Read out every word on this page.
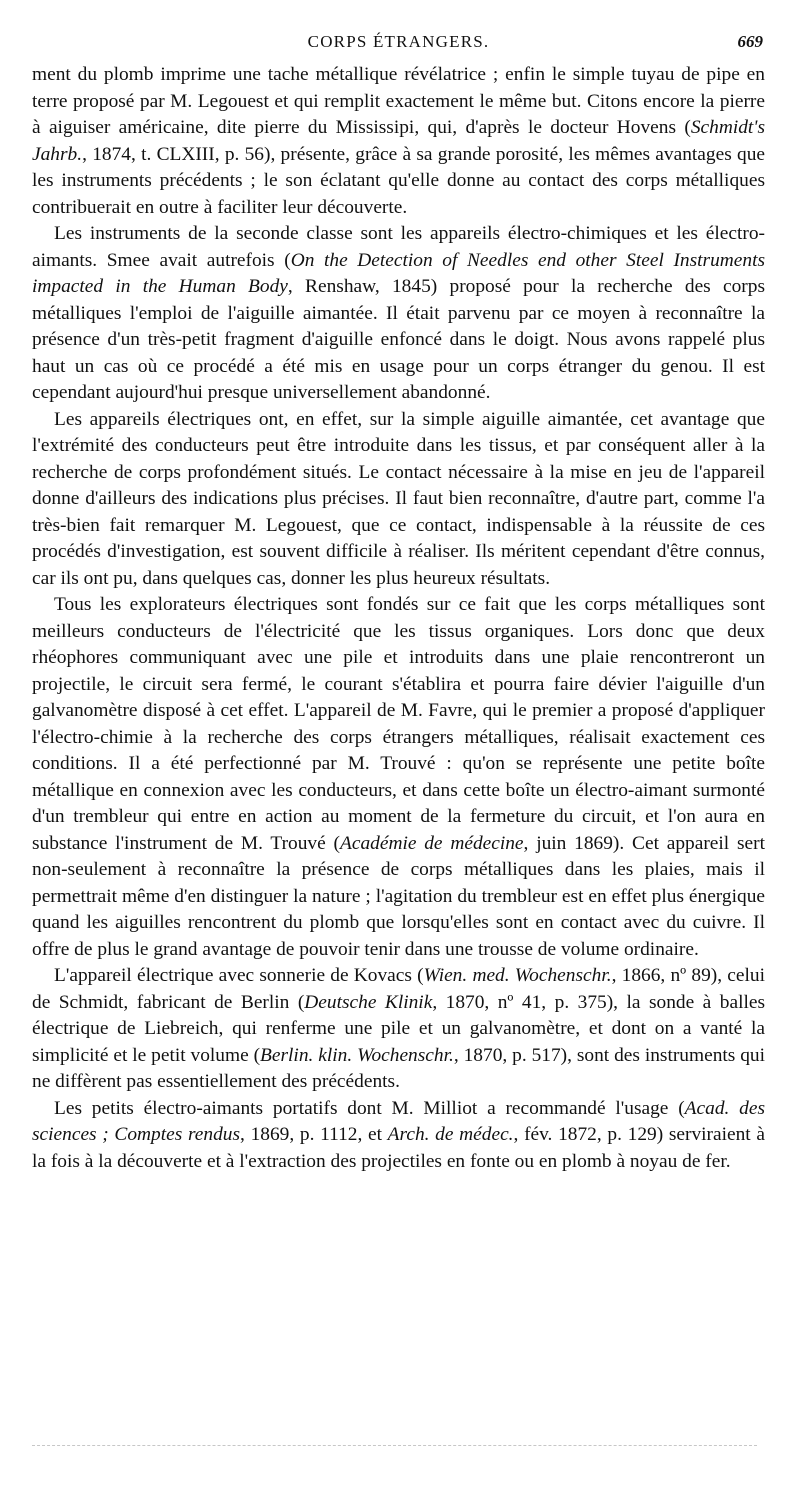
CORPS ÉTRANGERS.	669

ment du plomb imprime une tache métallique révélatrice ; enfin le simple tuyau de pipe en terre proposé par M. Legouest et qui remplit exactement le même but. Citons encore la pierre à aiguiser américaine, dite pierre du Mississipi, qui, d'après le docteur Hovens (Schmidt's Jahrb., 1874, t. CLXIII, p. 56), présente, grâce à sa grande porosité, les mêmes avantages que les instruments précédents ; le son éclatant qu'elle donne au contact des corps métalliques contribuerait en outre à faciliter leur découverte.

Les instruments de la seconde classe sont les appareils électro-chimiques et les électro-aimants. Smee avait autrefois (On the Detection of Needles end other Steel Instruments impacted in the Human Body, Renshaw, 1845) proposé pour la recherche des corps métalliques l'emploi de l'aiguille aimantée. Il était parvenu par ce moyen à reconnaître la présence d'un très-petit fragment d'aiguille enfoncé dans le doigt. Nous avons rappelé plus haut un cas où ce procédé a été mis en usage pour un corps étranger du genou. Il est cependant aujourd'hui presque universellement abandonné.

Les appareils électriques ont, en effet, sur la simple aiguille aimantée, cet avantage que l'extrémité des conducteurs peut être introduite dans les tissus, et par conséquent aller à la recherche de corps profondément situés. Le contact nécessaire à la mise en jeu de l'appareil donne d'ailleurs des indications plus précises. Il faut bien reconnaître, d'autre part, comme l'a très-bien fait remarquer M. Legouest, que ce contact, indispensable à la réussite de ces procédés d'investigation, est souvent difficile à réaliser. Ils méritent cependant d'être connus, car ils ont pu, dans quelques cas, donner les plus heureux résultats.

Tous les explorateurs électriques sont fondés sur ce fait que les corps métalliques sont meilleurs conducteurs de l'électricité que les tissus organiques. Lors donc que deux rhéophores communiquant avec une pile et introduits dans une plaie rencontreront un projectile, le circuit sera fermé, le courant s'établira et pourra faire dévier l'aiguille d'un galvanomètre disposé à cet effet. L'appareil de M. Favre, qui le premier a proposé d'appliquer l'électro-chimie à la recherche des corps étrangers métalliques, réalisait exactement ces conditions. Il a été perfectionné par M. Trouvé : qu'on se représente une petite boîte métallique en connexion avec les conducteurs, et dans cette boîte un électro-aimant surmonté d'un trembleur qui entre en action au moment de la fermeture du circuit, et l'on aura en substance l'instrument de M. Trouvé (Académie de médecine, juin 1869). Cet appareil sert non-seulement à reconnaître la présence de corps métalliques dans les plaies, mais il permettrait même d'en distinguer la nature ; l'agitation du trembleur est en effet plus énergique quand les aiguilles rencontrent du plomb que lorsqu'elles sont en contact avec du cuivre. Il offre de plus le grand avantage de pouvoir tenir dans une trousse de volume ordinaire.

L'appareil électrique avec sonnerie de Kovacs (Wien. med. Wochenschr., 1866, nº 89), celui de Schmidt, fabricant de Berlin (Deutsche Klinik, 1870, nº 41, p. 375), la sonde à balles électrique de Liebreich, qui renferme une pile et un galvanomètre, et dont on a vanté la simplicité et le petit volume (Berlin. klin. Wochenschr., 1870, p. 517), sont des instruments qui ne diffèrent pas essentiellement des précédents.

Les petits électro-aimants portatifs dont M. Milliot a recommandé l'usage (Acad. des sciences ; Comptes rendus, 1869, p. 1112, et Arch. de médec., fév. 1872, p. 129) serviraient à la fois à la découverte et à l'extraction des projectiles en fonte ou en plomb à noyau de fer.
